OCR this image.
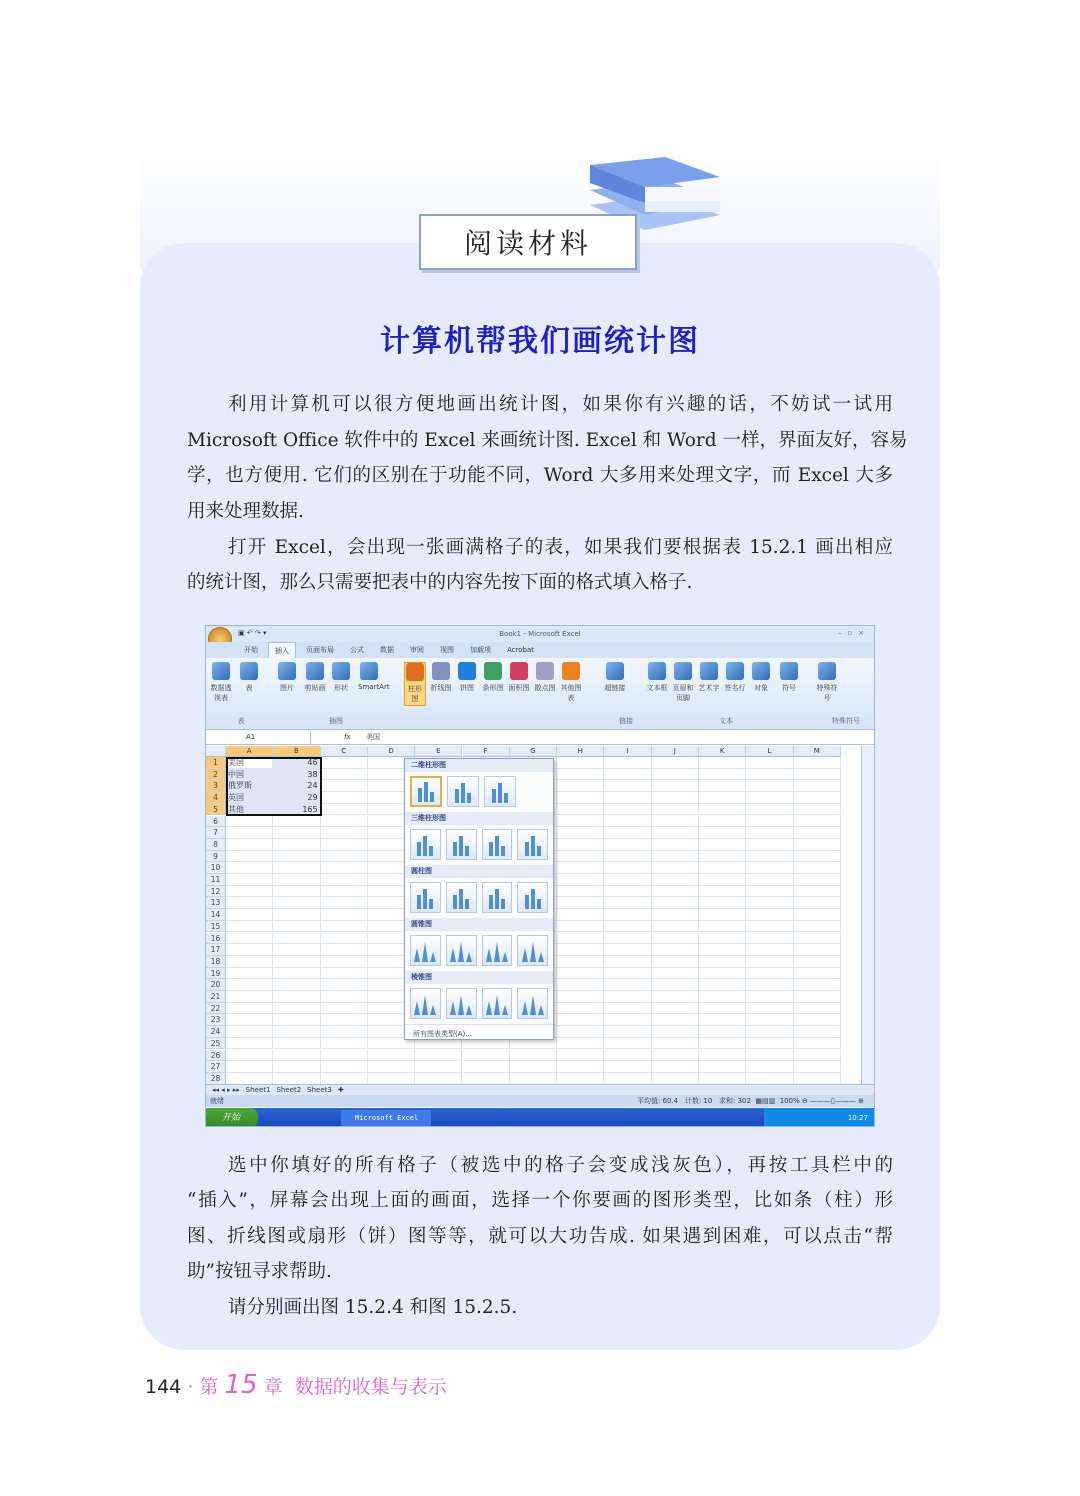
阅读材料
计算机帮我们画统计图
利用计算机可以很方便地画出统计图，如果你有兴趣的话，不妨试一试用
Microsoft Office 软件中的 Excel 来画统计图. Excel 和 Word 一样，界面友好，容易
学，也方便用. 它们的区别在于功能不同，Word 大多用来处理文字，而 Excel 大多
用来处理数据.
打开 Excel，会出现一张画满格子的表，如果我们要根据表 15.2.1 画出相应
的统计图，那么只需要把表中的内容先按下面的格式填入格子.
Book1 - Microsoft Excel
▣ ↶ ↷ ▾	–▫×
开始	插入	页面布局	公式	数据	审阅	视图	加载项	Acrobat
数据透视表
表	图片	剪贴画	形状	SmartArt	柱形图
折线图	饼图	条形图 面积图 散点图 其他图表
超链接	文本框 页眉和页脚
艺术字 签名行	对象	符号	特殊符号
表	插图	链接	文本	特殊符号
A1	fx 美国
A	B	C	D	E	F	G	H	I	J	K	L	M
1	美国	46
2	中国	38
3	俄罗斯	24
4	英国	29
5	其他	165
6
7
8
9
10
11
12
13
14
15
16
17
18
19
20
21
22
23
24
25
26
27
28
二维柱形图
三维柱形图
圆柱图
圆锥图
棱锥图
所有图表类型(A)...
◂◂ ◂ ▸ ▸▸ Sheet1 Sheet2 Sheet3 ✚
就绪	平均值: 60.4 计数: 10 求和: 302  ▦▤▥  100% ⊖ ———▯——— ⊕
开始	Microsoft Excel	10:27
选中你填好的所有格子（被选中的格子会变成浅灰色），再按工具栏中的
“插入”，屏幕会出现上面的画面，选择一个你要画的图形类型，比如条（柱）形
图、折线图或扇形（饼）图等等，就可以大功告成. 如果遇到困难，可以点击“帮
助”按钮寻求帮助.
请分别画出图 15.2.4 和图 15.2.5.
144 · 第 15 章 数据的收集与表示
